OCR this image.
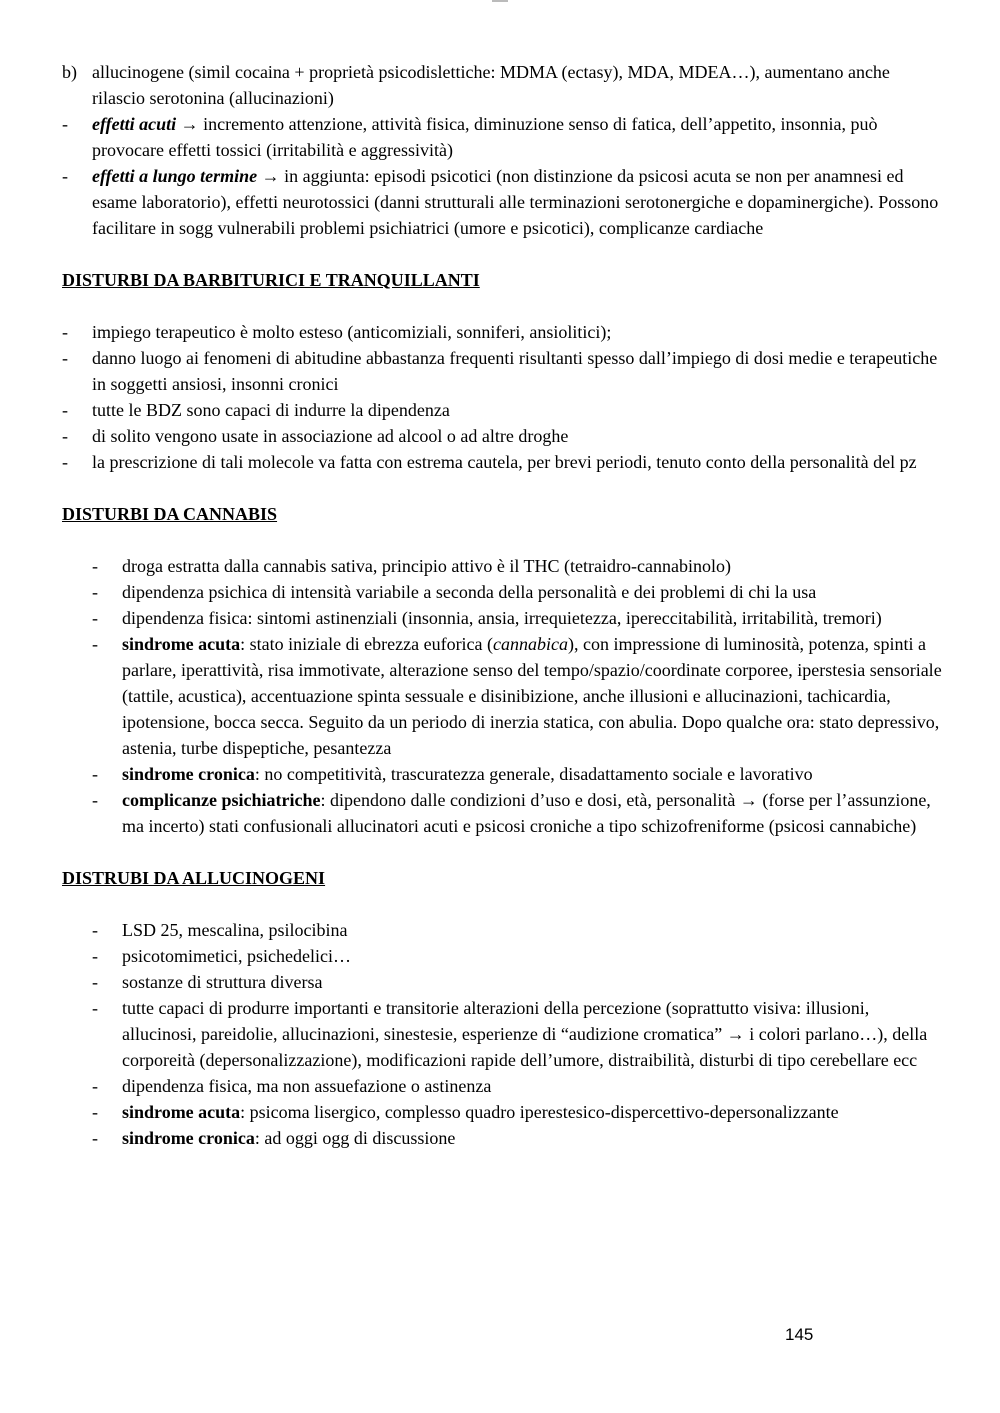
b) allucinogene (simil cocaina + proprietà psicodislettiche: MDMA (ectasy), MDA, MDEA…), aumentano anche rilascio serotonina (allucinazioni)

- effetti acuti → incremento attenzione, attività fisica, diminuzione senso di fatica, dell’appetito, insonnia, può provocare effetti tossici (irritabilità e aggressività)

- effetti a lungo termine → in aggiunta: episodi psicotici (non distinzione da psicosi acuta se non per anamnesi ed esame laboratorio), effetti neurotossici (danni strutturali alle terminazioni serotonergiche e dopaminergiche). Possono facilitare in sogg vulnerabili problemi psichiatrici (umore e psicotici), complicanze cardiache

DISTURBI DA BARBITURICI E TRANQUILLANTI
- impiego terapeutico è molto esteso (anticomiziali, sonniferi, ansiolitici);

- danno luogo ai fenomeni di abitudine abbastanza frequenti risultanti spesso dall’impiego di dosi medie e terapeutiche in soggetti ansiosi, insonni cronici

- tutte le BDZ sono capaci di indurre la dipendenza

- di solito vengono usate in associazione ad alcool o ad altre droghe

- la prescrizione di tali molecole va fatta con estrema cautela, per brevi periodi, tenuto conto della personalità del pz

DISTURBI DA CANNABIS
- droga estratta dalla cannabis sativa, principio attivo è il THC (tetraidro-cannabinolo)

- dipendenza psichica di intensità variabile a seconda della personalità e dei problemi di chi la usa

- dipendenza fisica: sintomi astinenziali (insonnia, ansia, irrequietezza, ipereccitabilità, irritabilità, tremori)

- sindrome acuta: stato iniziale di ebrezza euforica (cannabica), con impressione di luminosità, potenza, spinti a parlare, iperattività, risa immotivate, alterazione senso del tempo/spazio/coordinate corporee, iperstesia sensoriale (tattile, acustica), accentuazione spinta sessuale e disinibizione, anche illusioni e allucinazioni, tachicardia, ipotensione, bocca secca. Seguito da un periodo di inerzia statica, con abulia. Dopo qualche ora: stato depressivo, astenia, turbe dispeptiche, pesantezza

- sindrome cronica: no competitività, trascuratezza generale, disadattamento sociale e lavorativo

- complicanze psichiatriche: dipendono dalle condizioni d’uso e dosi, età, personalità → (forse per l’assunzione, ma incerto) stati confusionali allucinatori acuti e psicosi croniche a tipo schizofreniforme (psicosi cannabiche)

DISTRUBI DA ALLUCINOGENI
- LSD 25, mescalina, psilocibina

- psicotomimetici, psichedelici…

- sostanze di struttura diversa

- tutte capaci di produrre importanti e transitorie alterazioni della percezione (soprattutto visiva: illusioni, allucinosi, pareidolie, allucinazioni, sinestesie, esperienze di “audizione cromatica” → i colori parlano…), della corporeità (depersonalizzazione), modificazioni rapide dell’umore, distraibilità, disturbi di tipo cerebellare ecc

- dipendenza fisica, ma non assuefazione o astinenza

- sindrome acuta: psicoma lisergico, complesso quadro iperestesico-dispercettivo-depersonalizzante

- sindrome cronica: ad oggi ogg di discussione

145
